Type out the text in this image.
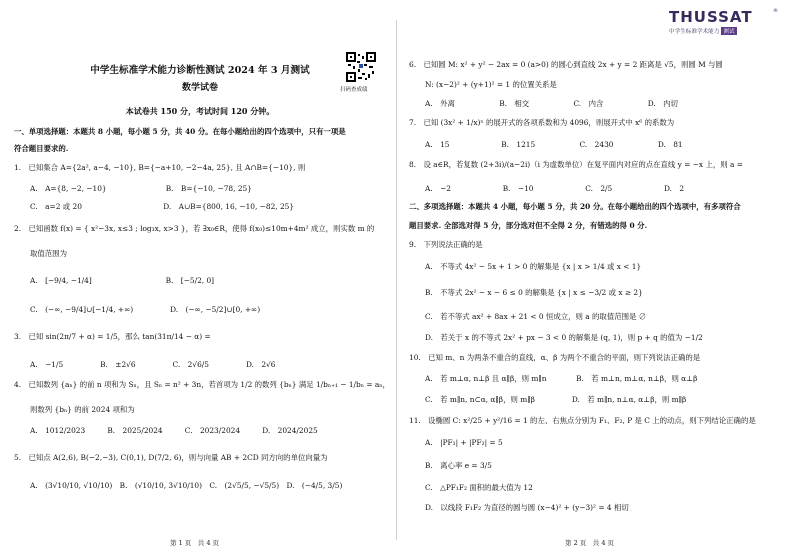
中学生标准学术能力诊断性测试 2024 年 3 月测试
数学试卷
本试卷共 150 分，考试时间 120 分钟。
扫码查成绩
一、单项选择题：本题共 8 小题，每小题 5 分，共 40 分。在每小题给出的四个选项中，只有一项是
符合题目要求的.
1.　已知集合 A={2a², a−4, −10}, B={−a+10, −2−4a, 25}, 且 A∩B={−10}, 则
A.　A={8, −2, −10}　　　　　　　　B.　B={−10, −78, 25}
C.　a=2 或 20　　　　　　　　　　　D.　A∪B={800, 16, −10, −82, 25}
2.　已知函数 f(x) = { x²−3x, x≤3 ; log₃x, x>3 }，若 ∃x₀∈R，使得 f(x₀)≤10m+4m² 成立，则实数 m 的
取值范围为
A.　[−9/4, −1/4]　　　　　　　　　　B.　[−5/2, 0]
C.　(−∞, −9/4]∪[−1/4, +∞)　　　　　D.　(−∞, −5/2]∪[0, +∞)
3.　已知 sin(2π/7 + α) = 1/5，那么 tan(31π/14 − α) =
A.　−1/5　　　　　B.　±2√6　　　　　C.　2√6/5　　　　　D.　2√6
4.　已知数列 {aₙ} 的前 n 项和为 Sₙ，且 Sₙ = n² + 3n，若首项为 1/2 的数列 {bₙ} 满足 1/bₙ₊₁ − 1/bₙ = aₙ，
则数列 {bₙ} 的前 2024 项和为
A.　1012/2023　　　B.　2025/2024　　　C.　2023/2024　　　D.　2024/2025
5.　已知点 A(2,6), B(−2,−3), C(0,1), D(7/2, 6)，则与向量 AB + 2CD 同方向的单位向量为
A.　(3√10/10, √10/10)　B.　(√10/10, 3√10/10)　C.　(2√5/5, −√5/5)　D.　(−4/5, 3/5)
第 1 页　共 4 页
THUSSAT	®
中学生标准学术能力 测试
6.　已知圆 M: x² + y² − 2ax = 0 (a>0) 的圆心到直线 2x + y = 2 距离是 √5，则圆 M 与圆
N: (x−2)² + (y+1)² = 1 的位置关系是
A.　外离　　　　　　B.　相交　　　　　　C.　内含　　　　　　D.　内切
7.　已知 (3x² + 1/x)ⁿ 的展开式的各项系数和为 4096，则展开式中 x⁶ 的系数为
A.　15　　　　　　　B.　1215　　　　　　C.　2430　　　　　　D.　81
8.　设 a∈R，若复数 (2+3i)/(a−2i)（i 为虚数单位）在复平面内对应的点在直线 y = −x 上，则 a =
A.　−2　　　　　　　B.　−10　　　　　　　C.　2/5　　　　　　　D.　2
二、多项选择题：本题共 4 小题，每小题 5 分，共 20 分。在每小题给出的四个选项中，有多项符合
题目要求. 全部选对得 5 分，部分选对但不全得 2 分，有错选的得 0 分.
9.　下列说法正确的是
A.　不等式 4x² − 5x + 1 > 0 的解集是 {x | x > 1/4 或 x < 1}
B.　不等式 2x² − x − 6 ≤ 0 的解集是 {x | x ≤ −3/2 或 x ≥ 2}
C.　若不等式 ax² + 8ax + 21 < 0 恒成立，则 a 的取值范围是 ∅
D.　若关于 x 的不等式 2x² + px − 3 < 0 的解集是 (q, 1)，则 p + q 的值为 −1/2
10.　已知 m、n 为两条不重合的直线，α、β 为两个不重合的平面，则下列说法正确的是
A.　若 m⊥α, n⊥β 且 α∥β，则 m∥n　　　　B.　若 m⊥n, m⊥α, n⊥β，则 α⊥β
C.　若 m∥n, n⊂α, α∥β，则 m∥β　　　　　D.　若 m∥n, n⊥α, α⊥β，则 m∥β
11.　设椭圆 C: x²/25 + y²/16 = 1 的左、右焦点分别为 F₁、F₂, P 是 C 上的动点，则下列结论正确的是
A.　|PF₁| + |PF₂| = 5
B.　离心率 e = 3/5
C.　△PF₁F₂ 面积的最大值为 12
D.　以线段 F₁F₂ 为直径的圆与圆 (x−4)² + (y−3)² = 4 相切
第 2 页　共 4 页
